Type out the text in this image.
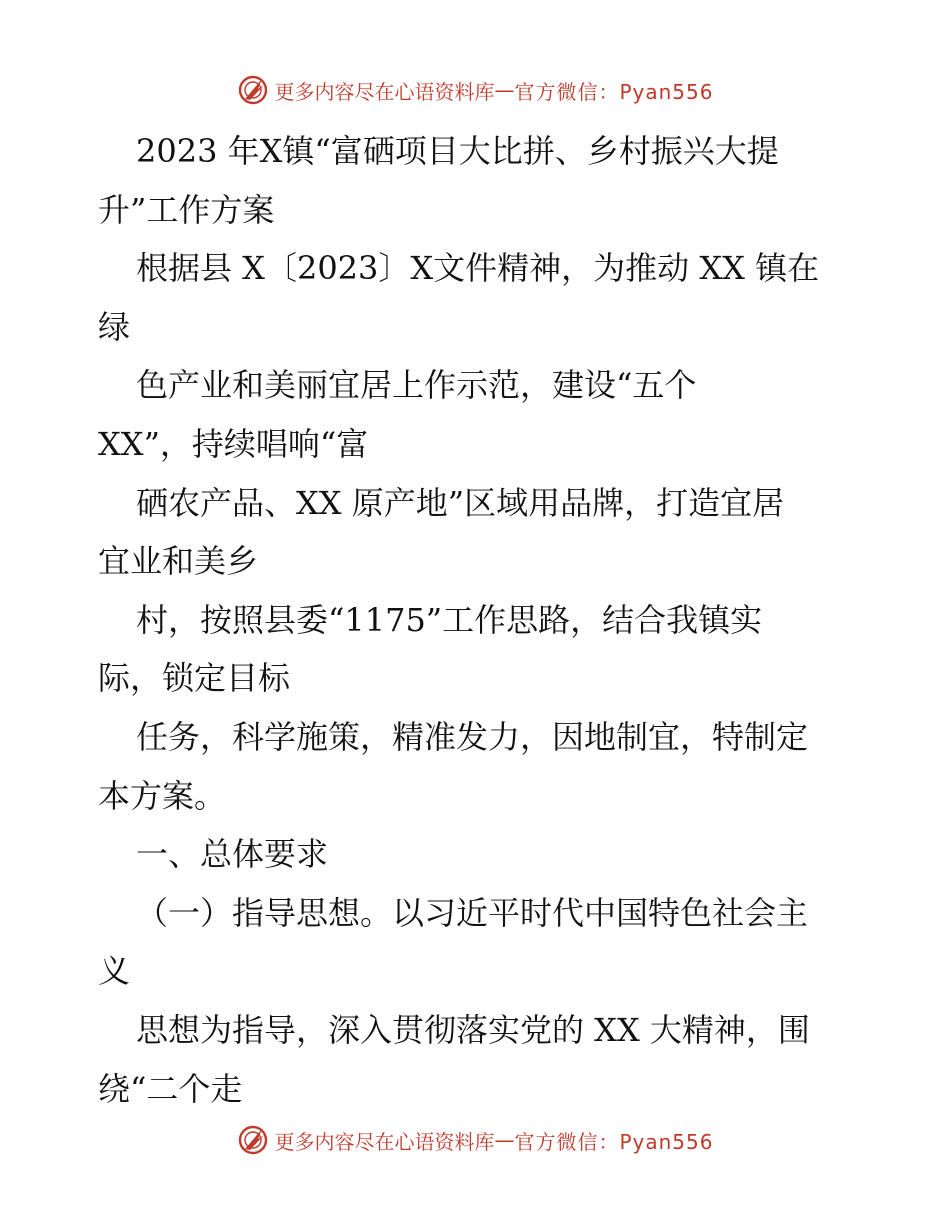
更多内容尽在心语资料库 — 官方微信：Pyan556
2023 年X镇“富硒项目大比拼、乡村振兴大提
升”工作方案
根据县 X〔2023〕X文件精神，为推动 XX 镇在
绿
色产业和美丽宜居上作示范，建设“五个
XX”，持续唱响“富
硒农产品、XX 原产地”区域用品牌，打造宜居
宜业和美乡
村，按照县委“1175”工作思路，结合我镇实
际，锁定目标
任务，科学施策，精准发力，因地制宜，特制定
本方案。
一、总体要求
（一）指导思想。以习近平时代中国特色社会主
义
思想为指导，深入贯彻落实党的 XX 大精神，围
绕“二个走
更多内容尽在心语资料库 — 官方微信：Pyan556
